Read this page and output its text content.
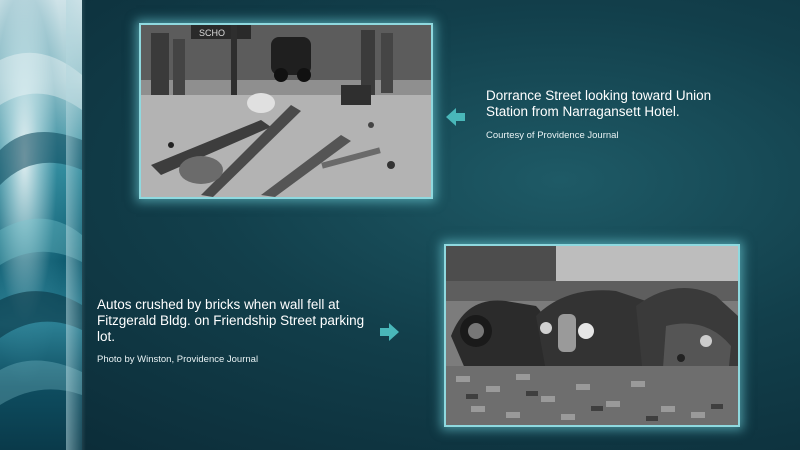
SCHO
Dorrance Street looking toward Union Station from Narragansett Hotel.
Courtesy of Providence Journal
Autos crushed by bricks when wall fell at Fitzgerald Bldg. on Friendship Street parking lot.
Photo by Winston, Providence Journal
